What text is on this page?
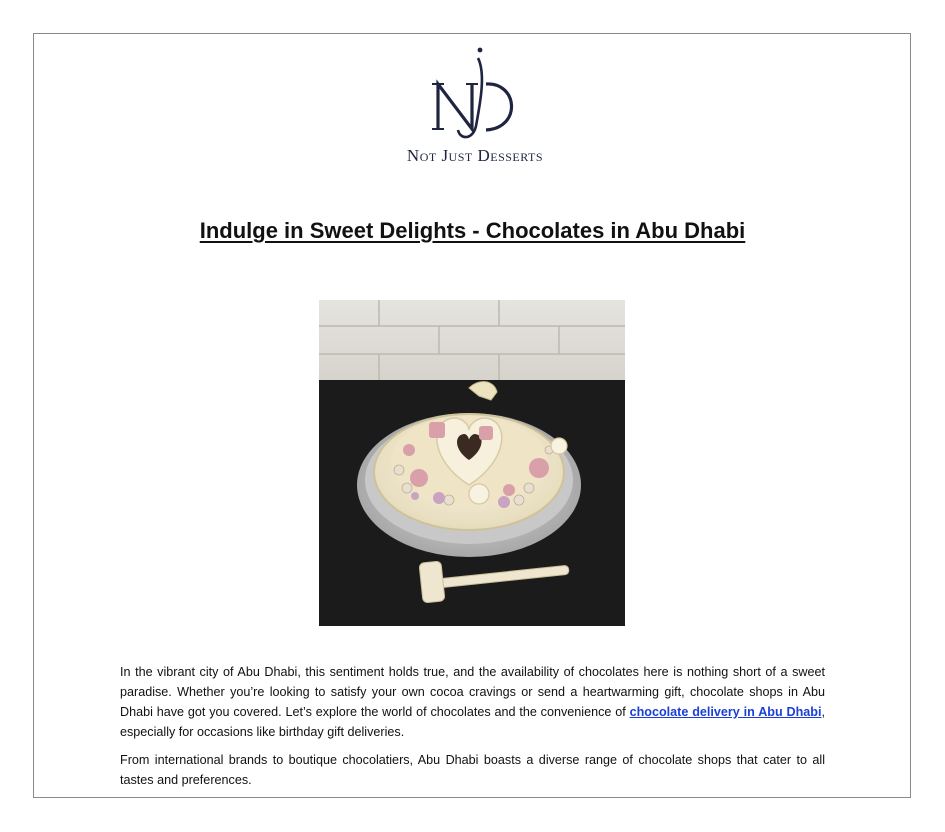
Not Just Desserts
Indulge in Sweet Delights - Chocolates in Abu Dhabi

In the vibrant city of Abu Dhabi, this sentiment holds true, and the availability of chocolates here is nothing short of a sweet paradise. Whether you’re looking to satisfy your own cocoa cravings or send a heartwarming gift, chocolate shops in Abu Dhabi have got you covered. Let’s explore the world of chocolates and the convenience of chocolate delivery in Abu Dhabi, especially for occasions like birthday gift deliveries.

From international brands to boutique chocolatiers, Abu Dhabi boasts a diverse range of chocolate shops that cater to all tastes and preferences.
